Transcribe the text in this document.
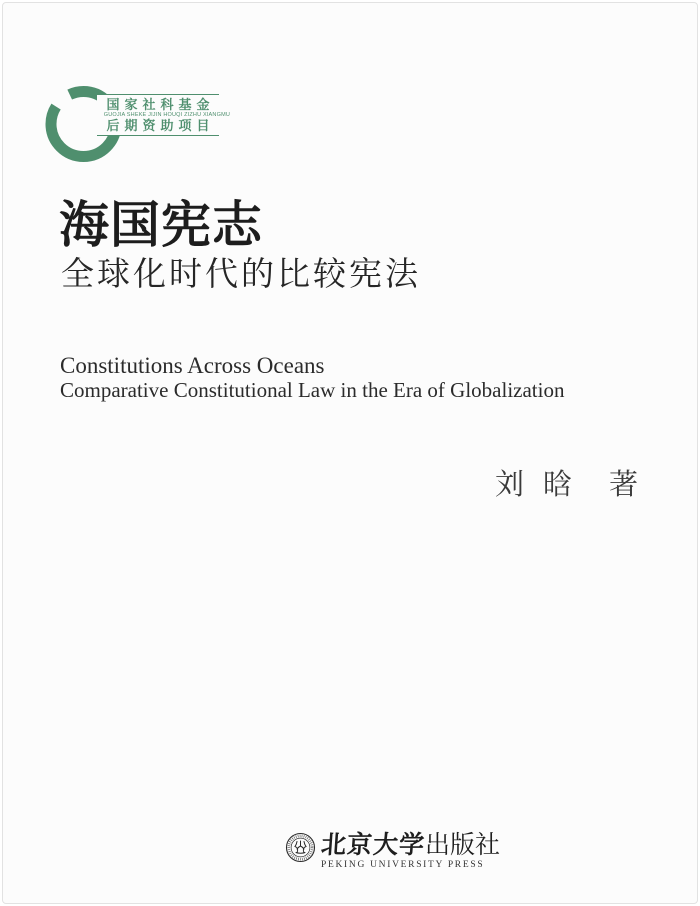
国家社科基金
GUOJIA SHEKE JIJIN HOUQI ZIZHU XIANGMU
后期资助项目
海国宪志
全球化时代的比较宪法
Constitutions Across Oceans
Comparative Constitutional Law in the Era of Globalization
刘 晗 著
北京大学出版社
PEKING UNIVERSITY PRESS
